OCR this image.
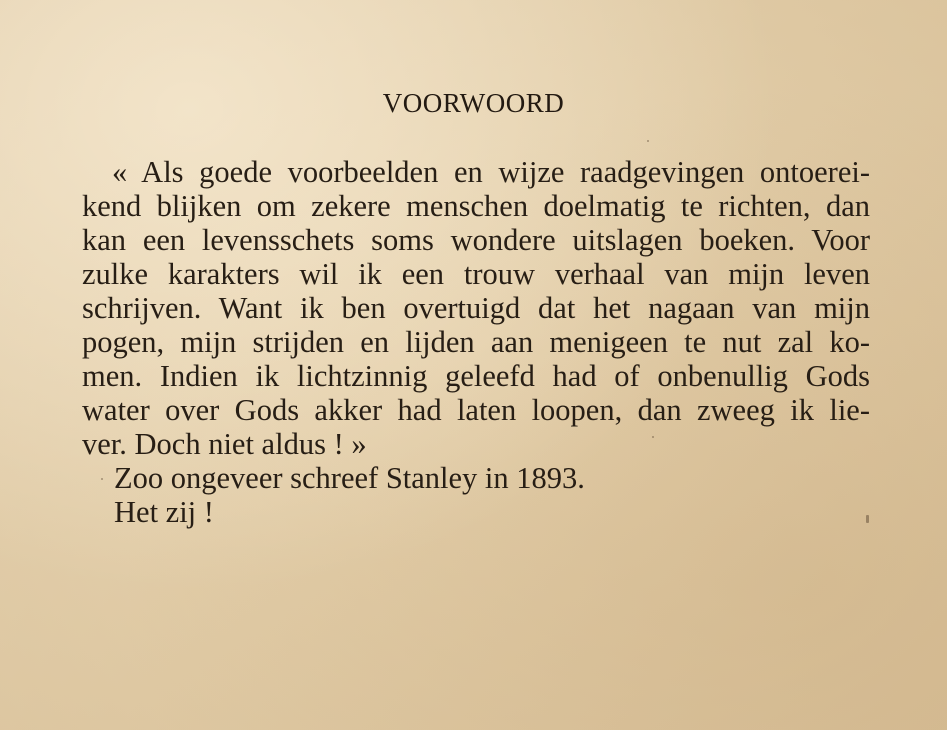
VOORWOORD
« Als goede voorbeelden en wijze raadgevingen ontoerei-
kend blijken om zekere menschen doelmatig te richten, dan
kan een levensschets soms wondere uitslagen boeken. Voor
zulke karakters wil ik een trouw verhaal van mijn leven
schrijven. Want ik ben overtuigd dat het nagaan van mijn
pogen, mijn strijden en lijden aan menigeen te nut zal ko-
men. Indien ik lichtzinnig geleefd had of onbenullig Gods
water over Gods akker had laten loopen, dan zweeg ik lie-
ver. Doch niet aldus ! »
Zoo ongeveer schreef Stanley in 1893.
Het zij !
